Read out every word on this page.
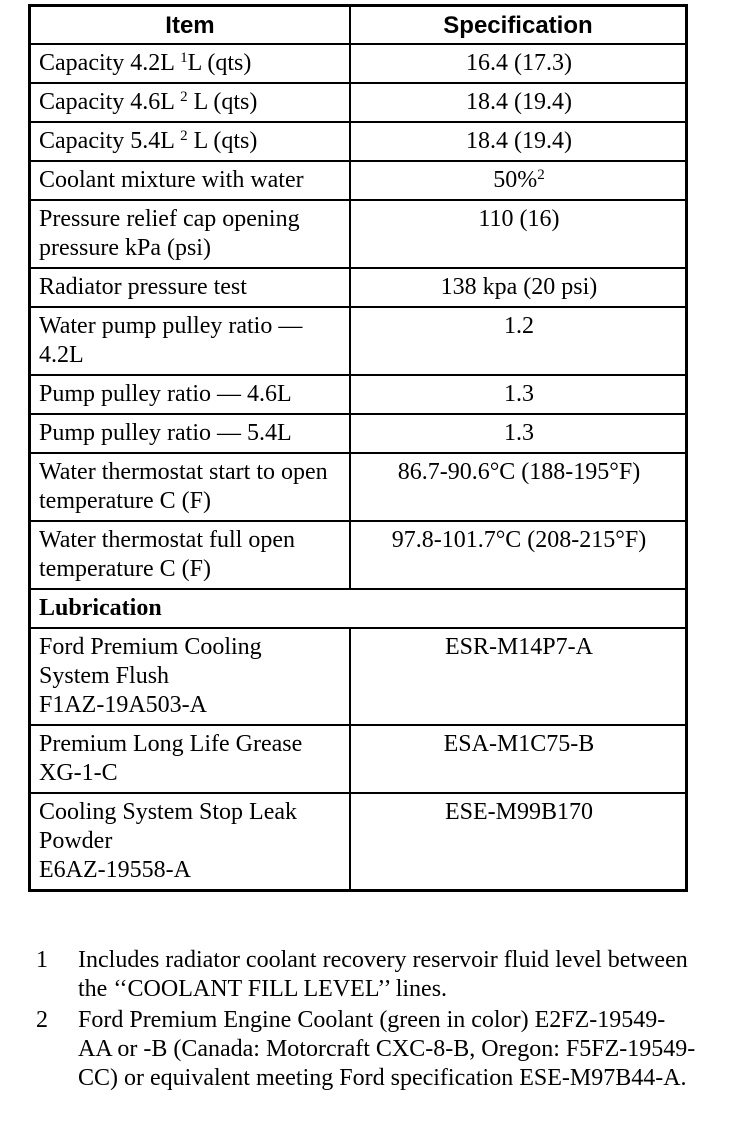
Item	Specification
Capacity 4.2L $^1$L (qts)	16.4 (17.3)
Capacity 4.6L $^2$ L (qts)	18.4 (19.4)
Capacity 5.4L $^2$ L (qts)	18.4 (19.4)
Coolant mixture with water	50%$^2$
Pressure relief cap opening pressure kPa (psi)	110 (16)
Radiator pressure test	138 kpa (20 psi)
Water pump pulley ratio — 4.2L	1.2
Pump pulley ratio — 4.6L	1.3
Pump pulley ratio — 5.4L	1.3
Water thermostat start to open temperature C (F)	86.7-90.6°C (188-195°F)
Water thermostat full open temperature C (F)	97.8-101.7°C (208-215°F)
Lubrication	

Ford Premium Cooling
System Flush
F1AZ-19A503-A	ESR-M14P7-A

Premium Long Life Grease
XG-1-C	ESA-M1C75-B

Cooling System Stop Leak
Powder
E6AZ-19558-A	ESE-M99B170
1	Includes radiator coolant recovery reservoir fluid level between the ‘‘COOLANT FILL LEVEL’’ lines.
2	Ford Premium Engine Coolant (green in color) E2FZ-19549-AA or -B (Canada: Motorcraft CXC-8-B, Oregon: F5FZ-19549-CC) or equivalent meeting Ford specification ESE-M97B44-A.
